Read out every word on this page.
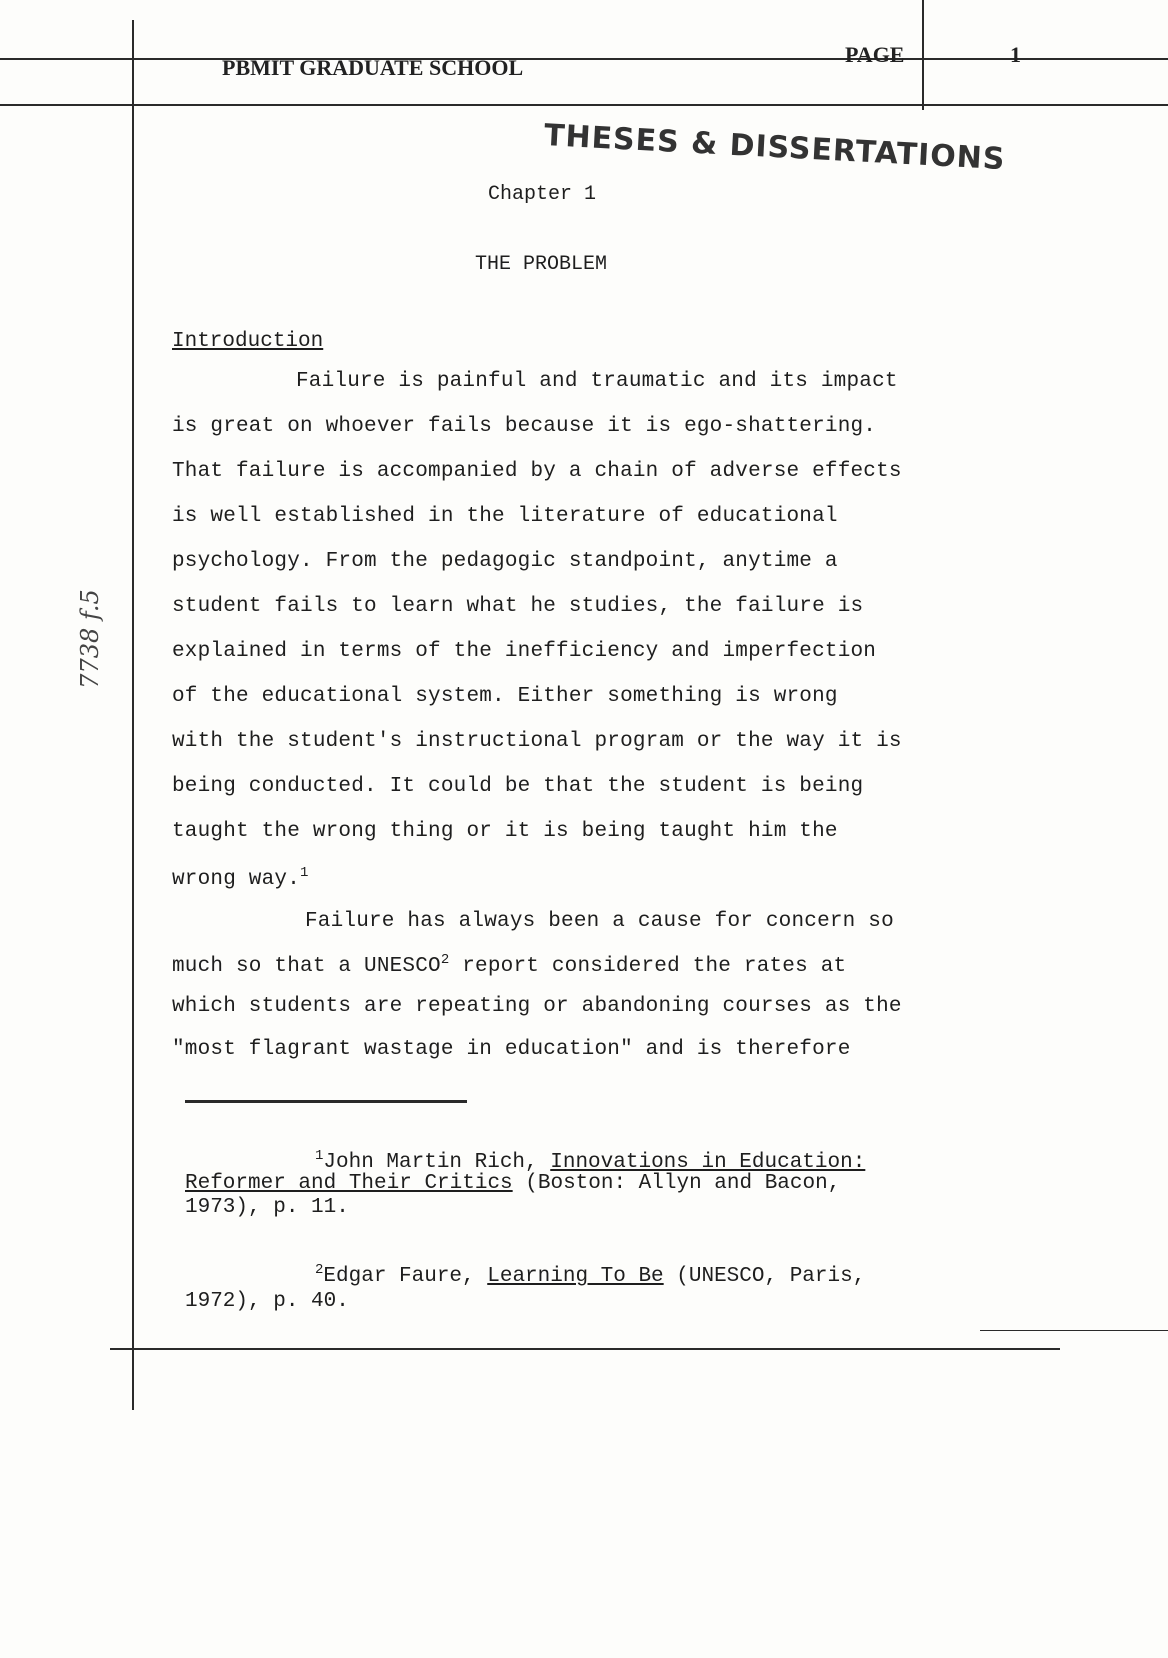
PBMIT GRADUATE SCHOOL
PAGE	1
THESES & DISSERTATIONS
Chapter 1
THE PROBLEM
Introduction
Failure is painful and traumatic and its impact
is great on whoever fails because it is ego-shattering.
That failure is accompanied by a chain of adverse effects
is well established in the literature of educational
psychology. From the pedagogic standpoint, anytime a
student fails to learn what he studies, the failure is
explained in terms of the inefficiency and imperfection
of the educational system. Either something is wrong
with the student's instructional program or the way it is
being conducted. It could be that the student is being
taught the wrong thing or it is being taught him the
wrong way.$^1$
Failure has always been a cause for concern so
much so that a UNESCO$^2$ report considered the rates at
which students are repeating or abandoning courses as the
"most flagrant wastage in education" and is therefore
$^1$John Martin Rich, Innovations in Education:
Reformer and Their Critics (Boston: Allyn and Bacon,
1973), p. 11.
$^2$Edgar Faure, Learning To Be (UNESCO, Paris,
1972), p. 40.
7738 f.5
